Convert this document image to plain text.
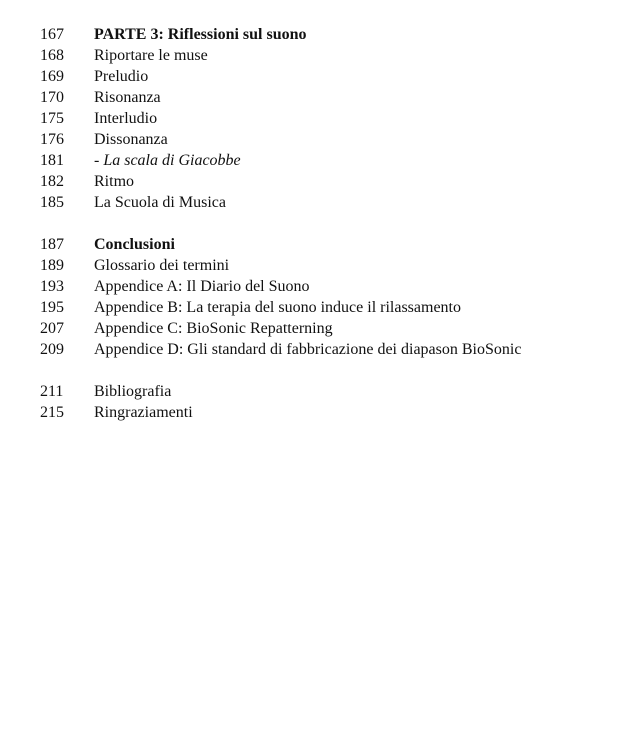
167	PARTE 3: Riflessioni sul suono
168	Riportare le muse
169	Preludio
170	Risonanza
175	Interludio
176	Dissonanza
181	- La scala di Giacobbe
182	Ritmo
185	La Scuola di Musica
187	Conclusioni
189	Glossario dei termini
193	Appendice A: Il Diario del Suono
195	Appendice B: La terapia del suono induce il rilassamento
207	Appendice C: BioSonic Repatterning
209	Appendice D: Gli standard di fabbricazione dei diapason BioSonic
211	Bibliografia
215	Ringraziamenti
